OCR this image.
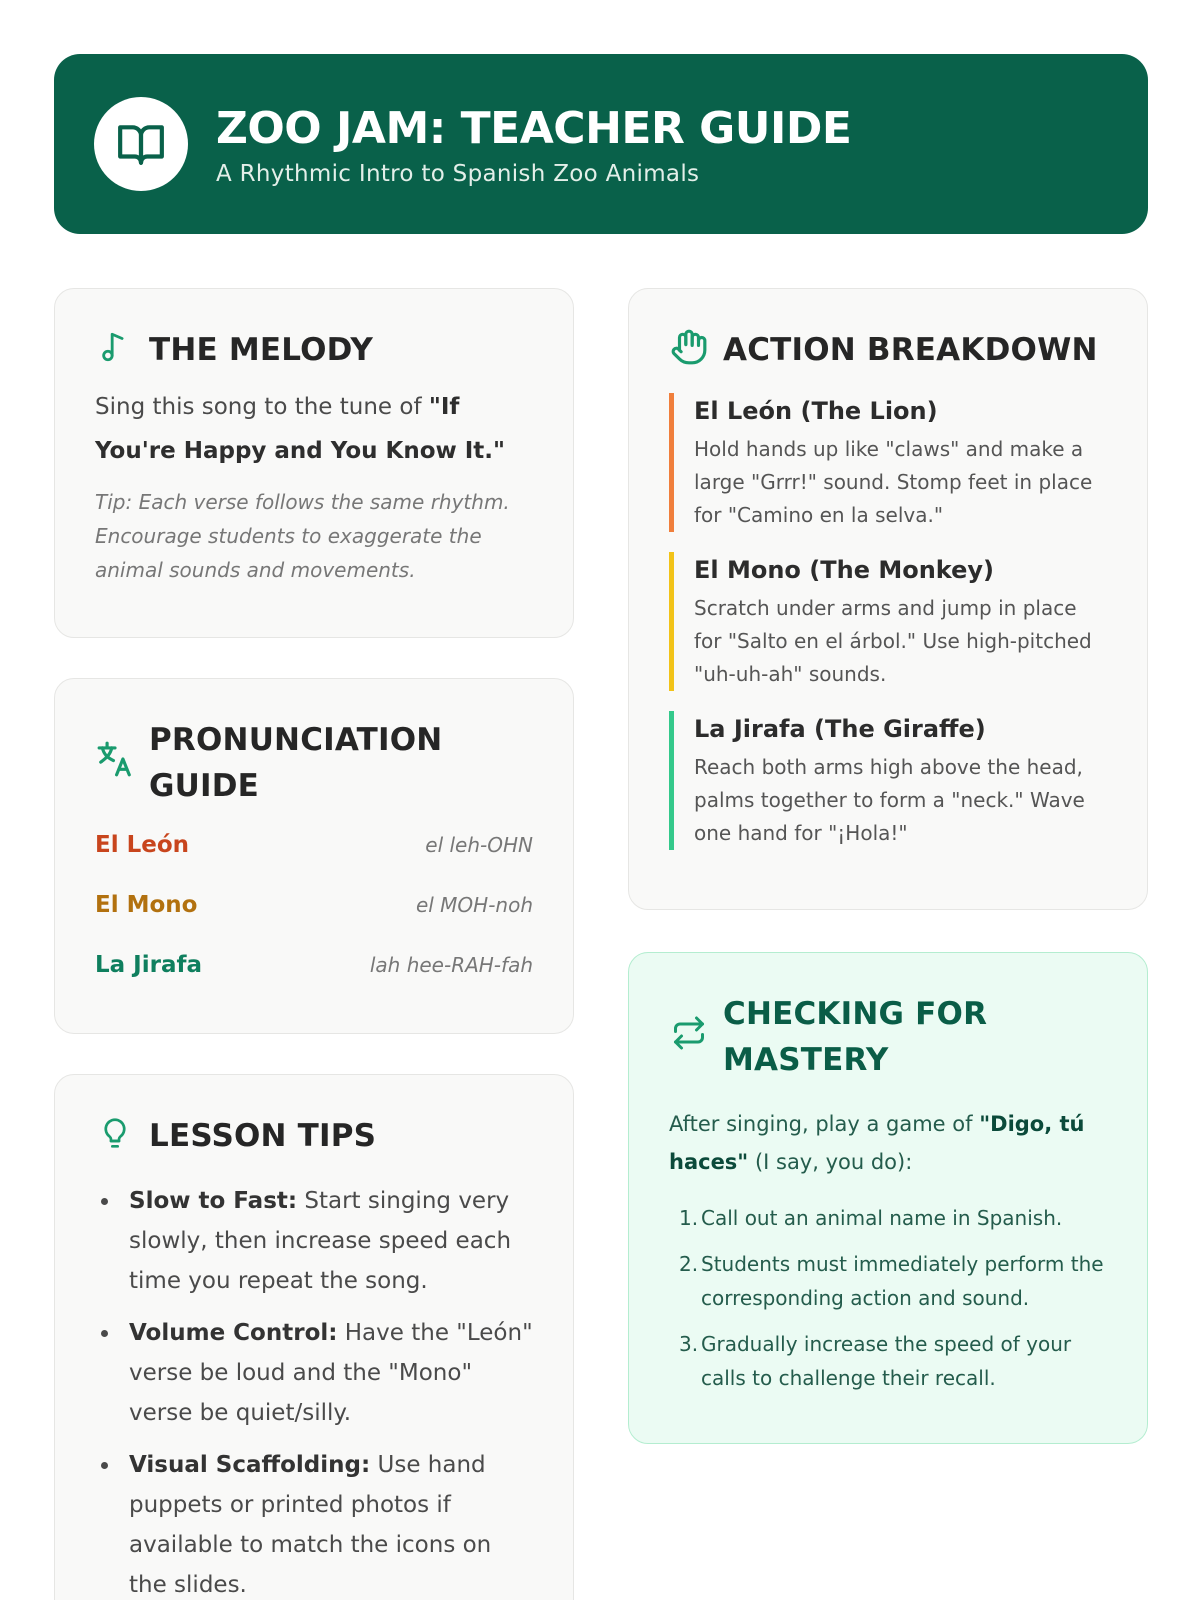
ZOO JAM: TEACHER GUIDE
A Rhythmic Intro to Spanish Zoo Animals
THE MELODY
Sing this song to the tune of "If You're Happy and You Know It."
Tip: Each verse follows the same rhythm. Encourage students to exaggerate the animal sounds and movements.
PRONUNCIATION GUIDE
El León	el leh-OHN
El Mono	el MOH-noh
La Jirafa	lah hee-RAH-fah
LESSON TIPS
Slow to Fast: Start singing very slowly, then increase speed each time you repeat the song.
Volume Control: Have the "León" verse be loud and the "Mono" verse be quiet/silly.
Visual Scaffolding: Use hand puppets or printed photos if available to match the icons on the slides.
ACTION BREAKDOWN
El León (The Lion)
Hold hands up like "claws" and make a large "Grrr!" sound. Stomp feet in place for "Camino en la selva."
El Mono (The Monkey)
Scratch under arms and jump in place for "Salto en el árbol." Use high-pitched "uh-uh-ah" sounds.
La Jirafa (The Giraffe)
Reach both arms high above the head, palms together to form a "neck." Wave one hand for "¡Hola!"
CHECKING FOR MASTERY
After singing, play a game of "Digo, tú haces" (I say, you do):
1. Call out an animal name in Spanish.
2. Students must immediately perform the corresponding action and sound.
3. Gradually increase the speed of your calls to challenge their recall.
